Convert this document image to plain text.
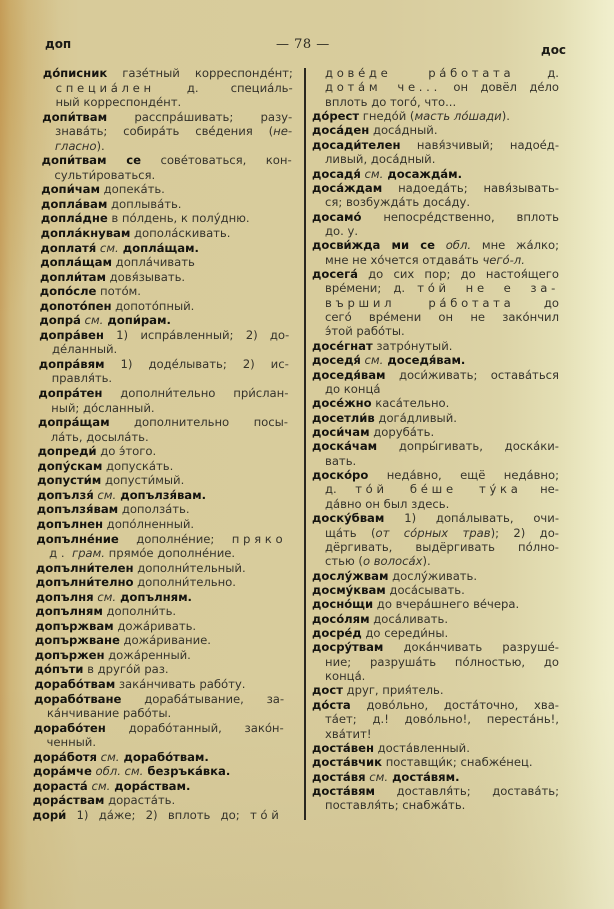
доп	— 78 —	дос
до́писник газе́тный корреспонде́нт;
специа́лен д. специа́ль-
ный корреспонде́нт.
допи́твам расспра́шивать; разу-
знава́ть; собира́ть све́дения (не-
гласно).
допи́твам се сове́товаться, кон-
сульти́роваться.
допи́чам допека́ть.
допла́вам доплыва́ть.
допла́дне в по́лдень, к полу́дню.
допла́кнувам допола́скивать.
доплатя́ см. допла́щам.
допла́щам допла́чивать
допли́там довя́зывать.
допо́сле пото́м.
допото́пен допото́пный.
допра́ см. допи́рам.
допра́вен 1) испра́вленный; 2) до-
де́ланный.
допра́вям 1) доде́лывать; 2) ис-
правля́ть.
допра́тен дополни́тельно при́слан-
ный; до́сланный.
допра́щам дополнительно посы-
ла́ть, досыла́ть.
допреди́ до э́того.
допу́скам допуска́ть.
допусти́м допусти́мый.
допълзя́ см. допълзя́вам.
допълзя́вам дополза́ть.
допълнен допо́лненный.
допълне́ние дополне́ние; пряко
д. грам. прямо́е дополне́ние.
допълни́телен дополни́тельный.
допълни́телно дополни́тельно.
допълня см. допълням.
допълням дополни́ть.
допържвам дожа́ривать.
допържване дожа́ривание.
допържен дожа́ренный.
до́пъти в друго́й раз.
дорабо́твам зака́нчивать рабо́ту.
дорабо́тване дораба́тывание, за-
ка́нчивание рабо́ты.
дорабо́тен дорабо́танный, зако́н-
ченный.
дора́ботя см. дорабо́твам.
дора́мче обл. см. безръка́вка.
дораста́ см. дора́ствам.
дора́ствам дораста́ть.
дори́ 1) да́же; 2) вплоть до; то́й
дове́де ра́ботата д.
дота́м че... он довёл де́ло
вплоть до того́, что...
до́рест гнедо́й (масть ло́шади).
доса́ден доса́дный.
досади́телен навя́зчивый; надое́д-
ливый, доса́дный.
досадя́ см. досажда́м.
доса́ждам надоеда́ть; навя́зывать-
ся; возбужда́ть доса́ду.
досамо́ непосре́дственно, вплоть
до. у.
досви́жда ми се обл. мне жа́лко;
мне не хо́чется отдава́ть чего́-л.
досега́ до сих пор; до настоя́щего
вре́мени; д. то́й не е за-
вършил ра́ботата до
сего́ вре́мени он не зако́нчил
э́той рабо́ты.
досе́гнат затро́нутый.
доседя́ см. доседя́вам.
доседя́вам доси́живать; остава́ться
до конца́
досе́жно каса́тельно.
досетли́в дога́дливый.
доси́чам доруба́ть.
доска́чам допры́гивать, доска́ки-
вать.
доско́ро неда́вно, ещё неда́вно;
д. то́й бе́ше ту́ка не-
да́вно он был здесь.
доску́бвам 1) допа́лывать, очи-
ща́ть (от со́рных трав); 2) до-
дёргивать, выдёргивать по́лно-
стью (о волоса́х).
дослу́жвам дослу́живать.
досму́квам доса́сывать.
досно́щи до вчера́шнего ве́чера.
досо́лям доса́ливать.
досре́д до середи́ны.
досру́твам дока́нчивать разруше́-
ние; разруша́ть по́лностью, до
конца́.
дост друг, прия́тель.
до́ста дово́льно, доста́точно, хва-
та́ет; д.! дово́льно!, переста́нь!,
хва́тит!
доста́вен доста́вленный.
доста́вчик поставщи́к; снабже́нец.
доста́вя см. доста́вям.
доста́вям доставля́ть; достава́ть;
поставля́ть; снабжа́ть.
